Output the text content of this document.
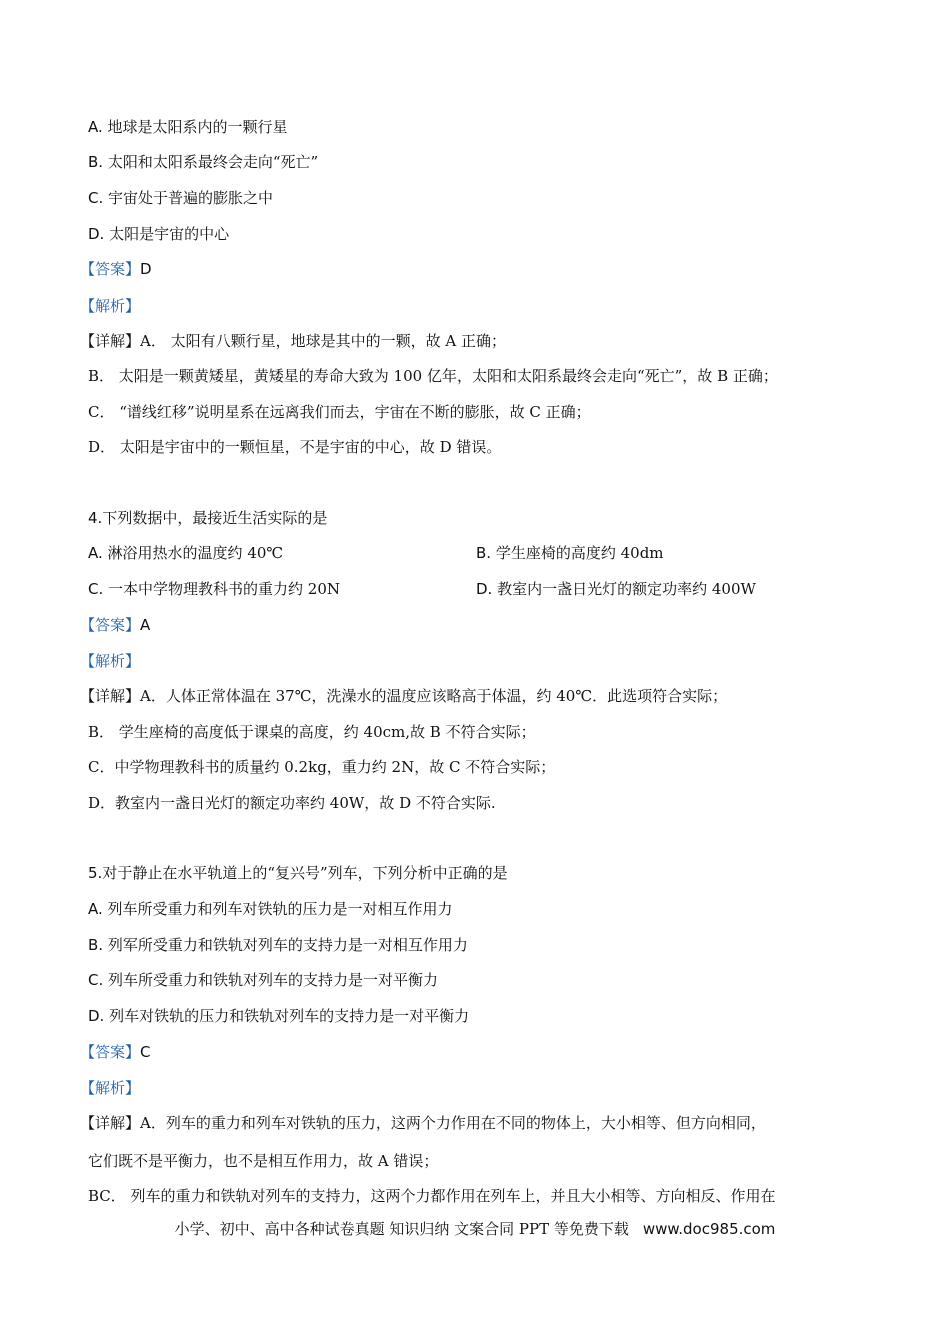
A. 地球是太阳系内的一颗行星
B. 太阳和太阳系最终会走向“死亡”
C. 宇宙处于普遍的膨胀之中
D. 太阳是宇宙的中心
【答案】D
【解析】
【详解】A． 太阳有八颗行星，地球是其中的一颗，故 A 正确；
B． 太阳是一颗黄矮星，黄矮星的寿命大致为 100 亿年，太阳和太阳系最终会走向“死亡”，故 B 正确；
C． “谱线红移”说明星系在远离我们而去，宇宙在不断的膨胀，故 C 正确；
D． 太阳是宇宙中的一颗恒星，不是宇宙的中心，故 D 错误。
4.下列数据中，最接近生活实际的是
A. 淋浴用热水的温度约 40℃	B. 学生座椅的高度约 40dm
C. 一本中学物理教科书的重力约 20N	D. 教室内一盏日光灯的额定功率约 400W
【答案】A
【解析】
【详解】A．人体正常体温在 37℃，洗澡水的温度应该略高于体温，约 40℃．此选项符合实际；
B． 学生座椅的高度低于课桌的高度，约 40cm,故 B 不符合实际；
C．中学物理教科书的质量约 0.2kg，重力约 2N，故 C 不符合实际；
D．教室内一盏日光灯的额定功率约 40W，故 D 不符合实际.
5.对于静止在水平轨道上的“复兴号”列车，下列分析中正确的是
A. 列车所受重力和列车对铁轨的压力是一对相互作用力
B. 列军所受重力和铁轨对列车的支持力是一对相互作用力
C. 列车所受重力和铁轨对列车的支持力是一对平衡力
D. 列车对铁轨的压力和铁轨对列车的支持力是一对平衡力
【答案】C
【解析】
【详解】A．列车的重力和列车对铁轨的压力，这两个力作用在不同的物体上，大小相等、但方向相同，
它们既不是平衡力，也不是相互作用力，故 A 错误；
BC． 列车的重力和铁轨对列车的支持力，这两个力都作用在列车上，并且大小相等、方向相反、作用在
小学、初中、高中各种试卷真题 知识归纳 文案合同 PPT 等免费下载 www.doc985.com
